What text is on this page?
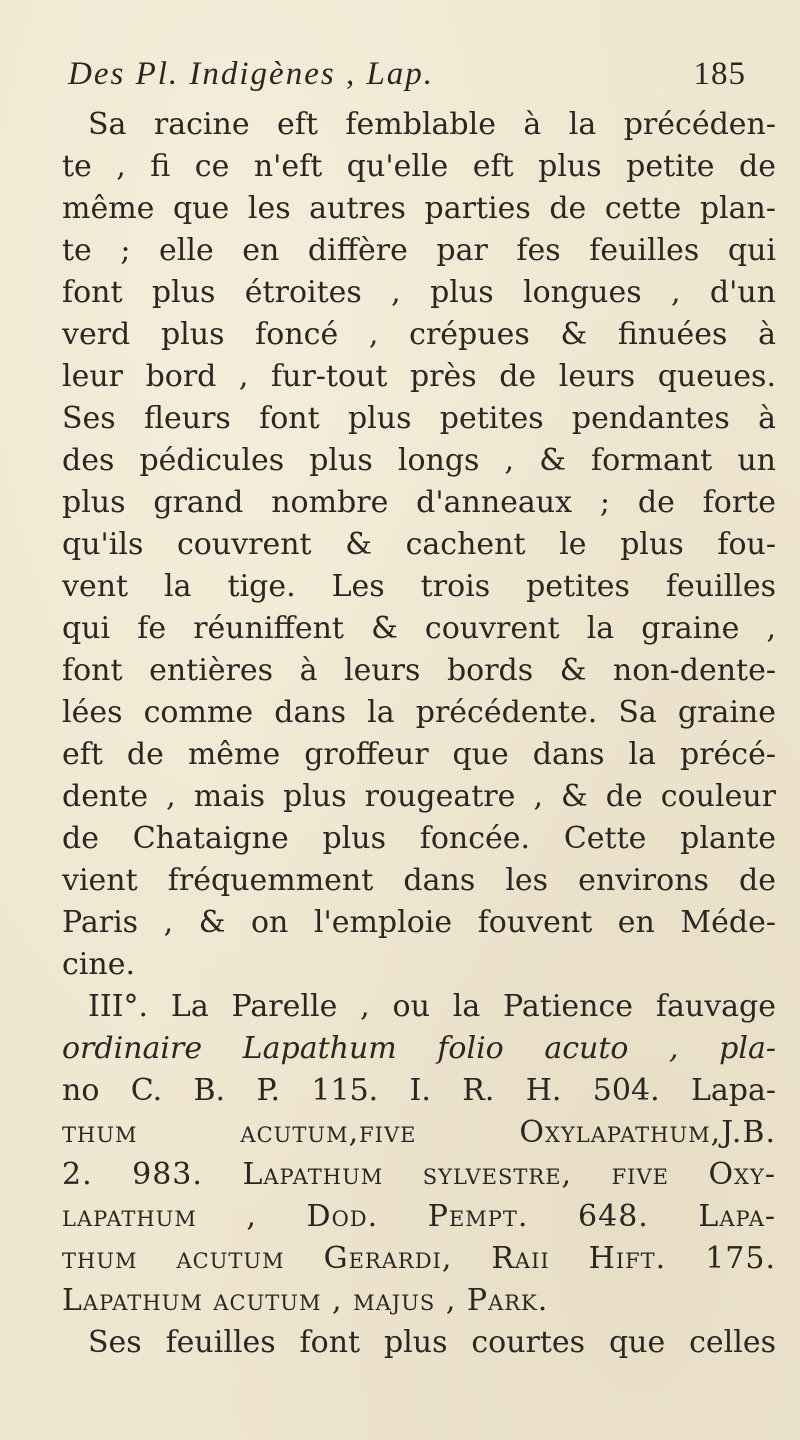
Des Pl. Indigènes , Lap.	185
Sa racine eft femblable à la précéden-
te , fi ce n'eft qu'elle eft plus petite de
même que les autres parties de cette plan-
te ; elle en diffère par fes feuilles qui
font plus étroites , plus longues , d'un
verd plus foncé , crépues & finuées à
leur bord , fur-tout près de leurs queues.
Ses fleurs font plus petites pendantes à
des pédicules plus longs , & formant un
plus grand nombre d'anneaux ; de forte
qu'ils couvrent & cachent le plus fou-
vent la tige. Les trois petites feuilles
qui fe réuniffent & couvrent la graine ,
font entières à leurs bords & non-dente-
lées comme dans la précédente. Sa graine
eft de même groffeur que dans la précé-
dente , mais plus rougeatre , & de couleur
de Chataigne plus foncée. Cette plante
vient fréquemment dans les environs de
Paris , & on l'emploie fouvent en Méde-
cine.
III°. La Parelle , ou la Patience fauvage
ordinaire Lapathum folio acuto , pla-
no C. B. P. 115. I. R. H. 504. Lapa-
thum acutum,five Oxylapathum,J.B.
2. 983. Lapathum sylvestre, five Oxy-
lapathum , Dod. Pempt. 648. Lapa-
thum acutum Gerardi, Raii Hift. 175.
Lapathum acutum , majus , Park.
Ses feuilles font plus courtes que celles
